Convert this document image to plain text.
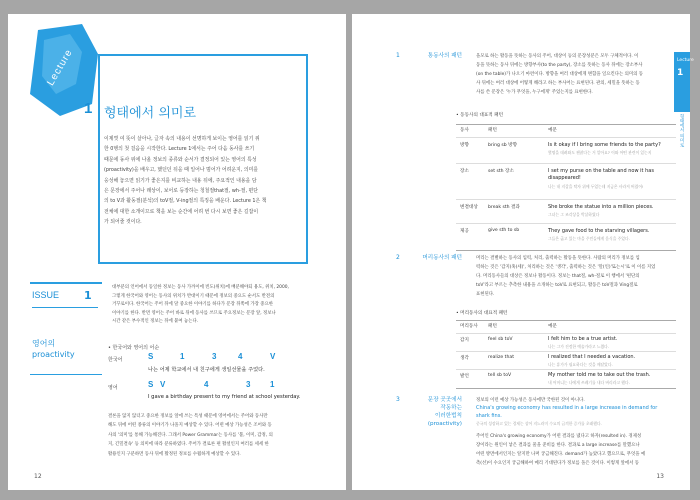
Lecture
1 형태에서 의미로

이제껏 여 뜻이 살아나, 글자 속의 내용이 선명하게 보이는 영어를 읽기 위

한 0행의 첫 걸음을 시작한다. Lecture 1에서는 주어 다음 동사를 쓰기

때문에 동사 위에 나올 정보의 종류와 순서가 결정되어 있는 영어의 특성

(proactivity)을 배우고, 했던던 뒤을 때 일어나 멈어가 어려운지, 의미를

응성해 놓으면 읽기가 좋은지를 비교하는 내용 뒤에, 주요적인 내용을 담

은 문장에서 주어나 래상이, 보어로 등장하는 청철절that절, wh-절, 편단

의 to V과 활동절(분석)의 toV절, V-ing절의 특징을 배운다. Lecture 1은 책

전체에 대한 소개이므로 책을 보는 순간에 어려 번 다시 보면 좋은 길잡이

가 되어줄 것이다.

ISSUE 1
영어의
proactivity

대부분의 언어에서 동일한 정보는 동사 가까이에 빈도(위치)에 배분해야되 용도, 위치, 2000,

그렇게 한국어와 영어는 동사의 위치가 반대이기 때문에 정보의 중요도 순서도 반전의

거꾸로이다. 한국어는 주어 뒤에 달 중요한 이야기를 하다가 문장 뒤쪽에 가장 중요한

이야기를 한다. 반면 영어는 주어 바로 뒤에 동사를 쓰므로 주요정보는 문장 앞, 정보나

시간 같은 부수적인 정보는 뒤에 붙여 놓는다.

• 한국어와 영어의 어순
한국어	S	1	3	4	V
나는 어제 학교에서 내 친구에게 생일선물을 주었다.
영어	S V	4	3 1
I gave a birthday present to my friend at school yesterday.

결론을 않지 않더고 중요한 정보를 앞에 쓰는 특성 때문에 영어에서는 주어와 동사만

해도 뒤에 어떤 종류의 이야기가 나올지 예상할 수 있다. 어떤 예상 가능성은 조어와 동

사의 '의미'를 통해 가능해진다. 그래서 Power Grammar는 동사를 '불, 이미, 감정, 의

지, 긴밀결속' 등 의미에 따라 분류하였다. 주어가 결로론 편 활설인지 여러를 세세 한

활용인지 구분하면 동사 뒤에 활정된 정보를 수월하게 예상할 수 있다.

12
Lecture
1
형태에서 의미로
1	통동사의 패턴	을모로 하는 활동을 뜻하는 동사의 주어, 대상이 등의 문장성분은 모두 구체적이다. 이

동을 뜻하는 동사 뒤에는 방향부사(to the party), 장소를 뜻하는 동사 뒤에는 장소부사

(on the table)가 나오기 마련이다. 방향을 여러 대상에게 변함을 일으킨다는 의미의 동

사 뒤에는 여러 대상에 어떻게 해라고 하는 부사어는 표현된다. 관의, 세밀을 뜻하는 동

사를 쓴 문장은 '누가 무엇을, 누구에게' 주었는지를 표현한다.

• 동동사의 대표적 패턴
동사	패턴	예문
방향	bring sb 방향	Is it okay if I bring some friends to the party?
몇명을 데려와도 괜찮다는 거 알아요? 이와 어떤 관련이 있는지
장소	set sth 장소	I set my purse on the table and now it has disappeared!
나는 내 지갑을 탁자 위에 두었는데 지금은 사라져 버렸어!
변결대상 break sth 결과	She broke the statue into a million pieces.
그녀는 그 조각상을 박살하였다
제공	give sth to sb	They gave food to the starving villagers.
그들은 굶고 있는 마을 주민들에게 음식을 주었다.
2	머리동사의 패턴	머리는 결별하는 동사의 입력, 처리, 출력하는 활동을 뜻한다. 사람의 머리가 정보를 입

력하는 것은 '감지(혹(세)', 처리하는 것은 '생각', 출력하는 것은 '말(인)'또는시'로 이 이름 지었

다. 머리동사들의 대상은 정보나 활동이다. 정보는 that절, wh-절로 이 행에서 '편단의

toV'라고 부르는 추측한 내용을 소개하는 toV로 표현되고, 활동은 toV절과 Ving절로

표현된다.

• 머리동사의 대표적 패턴
머리동사 패턴	예문
감지	feel sb toV	I felt him to be a true artist.
나는 그가 진정한 예술가라고 느꼈다.
생각	realize that	I realized that I needed a vacation.
나는 휴가가 필요하다는 것을 깨달았다.
발언	tell sb toV	My mother told me to take out the trash.
내 어머니는 나에게 쓰레기를 내다 버리라고 했다.
3	문장 곳곳에서
작동하는
이러한법칙
(proactivity)

정보의 이런 예상 가능성은 동사에만 국한된 것이 아니다.

China's growing economy has resulted in a large increase in demand for

shark fins.

중국의 성장하고 있는 경제는 상어 지느러미 수요의 급격한 증가를 초래했다.

주어인 China's growing economy가 어떤 결과를 냈다고 하자(resulted in). 경제성

장이라는 원인이 낳은 결과를 물을 준비를 한다. 결과로 a large increase를 말했으나

어떤 방면에서인지는 알지만 나머 궁금해진다. demand가 높았다고 했으므로, 무엇을 예

측(선)이 수요인지 궁금해하여 메리 기대된다가 정보를 돌은 것이다. 이렇게 앞에서 동

13
